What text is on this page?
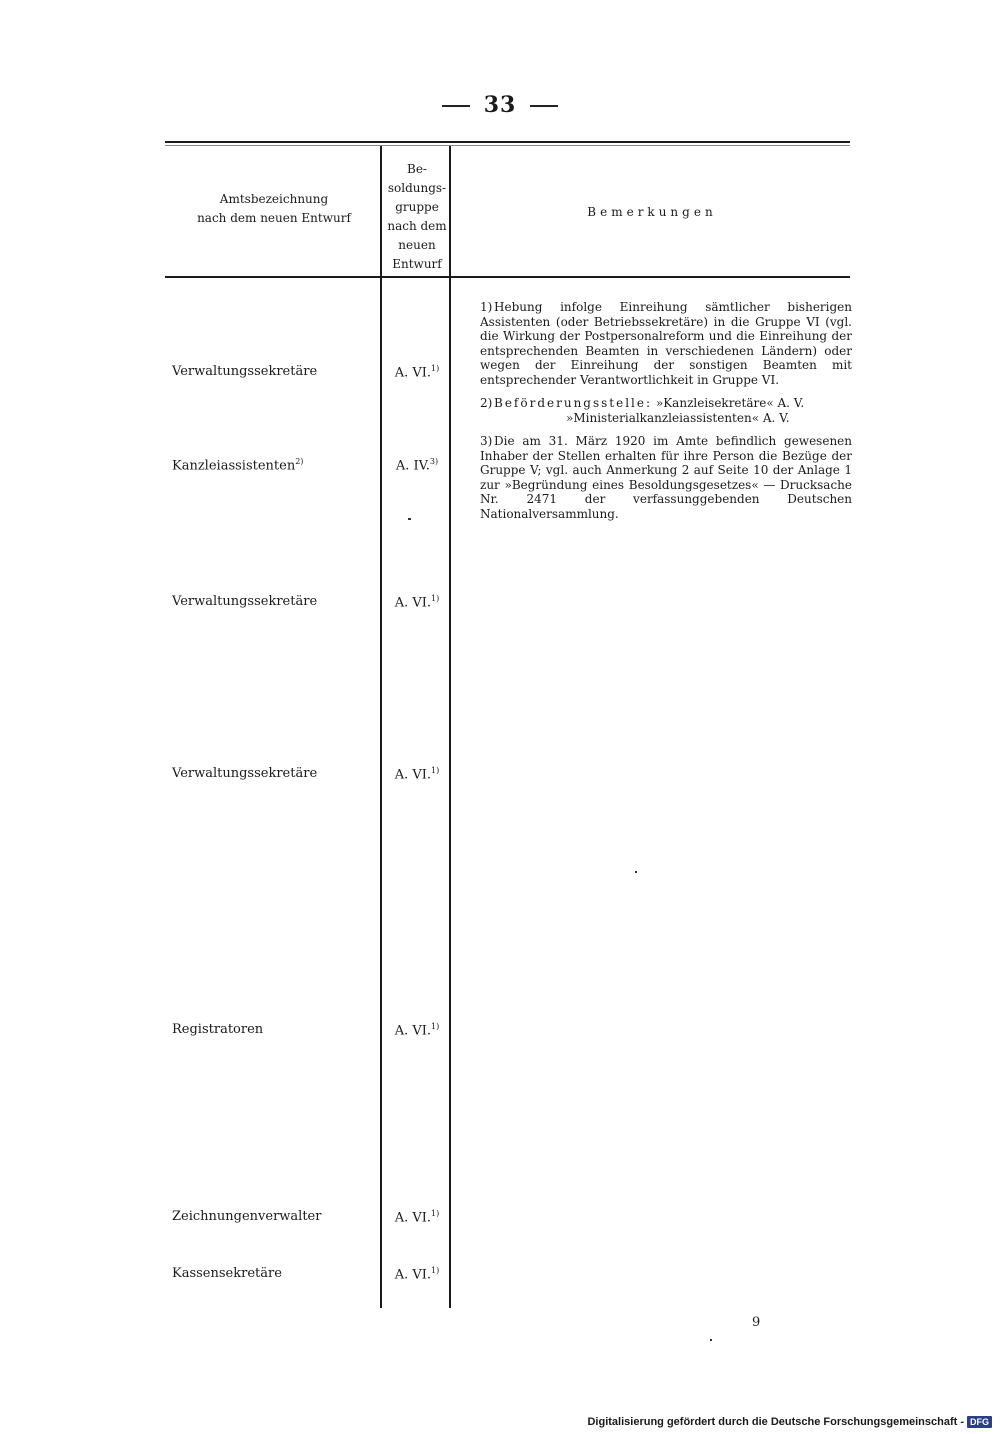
33
Amtsbezeichnung
nach dem neuen Entwurf
Be-
soldungs-
gruppe
nach dem
neuen
Entwurf
Bemerkungen
Verwaltungssekretäre	A. VI.$^{1)}$
Kanzleiassistenten$^{2)}$	A. IV.$^{3)}$
Verwaltungssekretäre	A. VI.$^{1)}$
Verwaltungssekretäre	A. VI.$^{1)}$
Registratoren	A. VI.$^{1)}$
Zeichnungenverwalter	A. VI.$^{1)}$
Kassensekretäre	A. VI.$^{1)}$
1) Hebung infolge Einreihung sämtlicher bisherigen Assistenten (oder Betriebssekretäre) in die Gruppe VI (vgl. die Wirkung der Postpersonalreform und die Einreihung der entsprechenden Beamten in verschiedenen Ländern) oder wegen der Einreihung der sonstigen Beamten mit entsprechender Verantwortlichkeit in Gruppe VI.
2) Beförderungsstelle: »Kanzleisekretäre« A. V.
»Ministerialkanzleiassistenten« A. V.
3) Die am 31. März 1920 im Amte befindlich gewesenen Inhaber der Stellen erhalten für ihre Person die Bezüge der Gruppe V; vgl. auch Anmerkung 2 auf Seite 10 der Anlage 1 zur »Begründung eines Besoldungsgesetzes« — Drucksache Nr. 2471 der verfassunggebenden Deutschen Nationalversammlung.
9
Digitalisierung gefördert durch die Deutsche Forschungsgemeinschaft - DFG
